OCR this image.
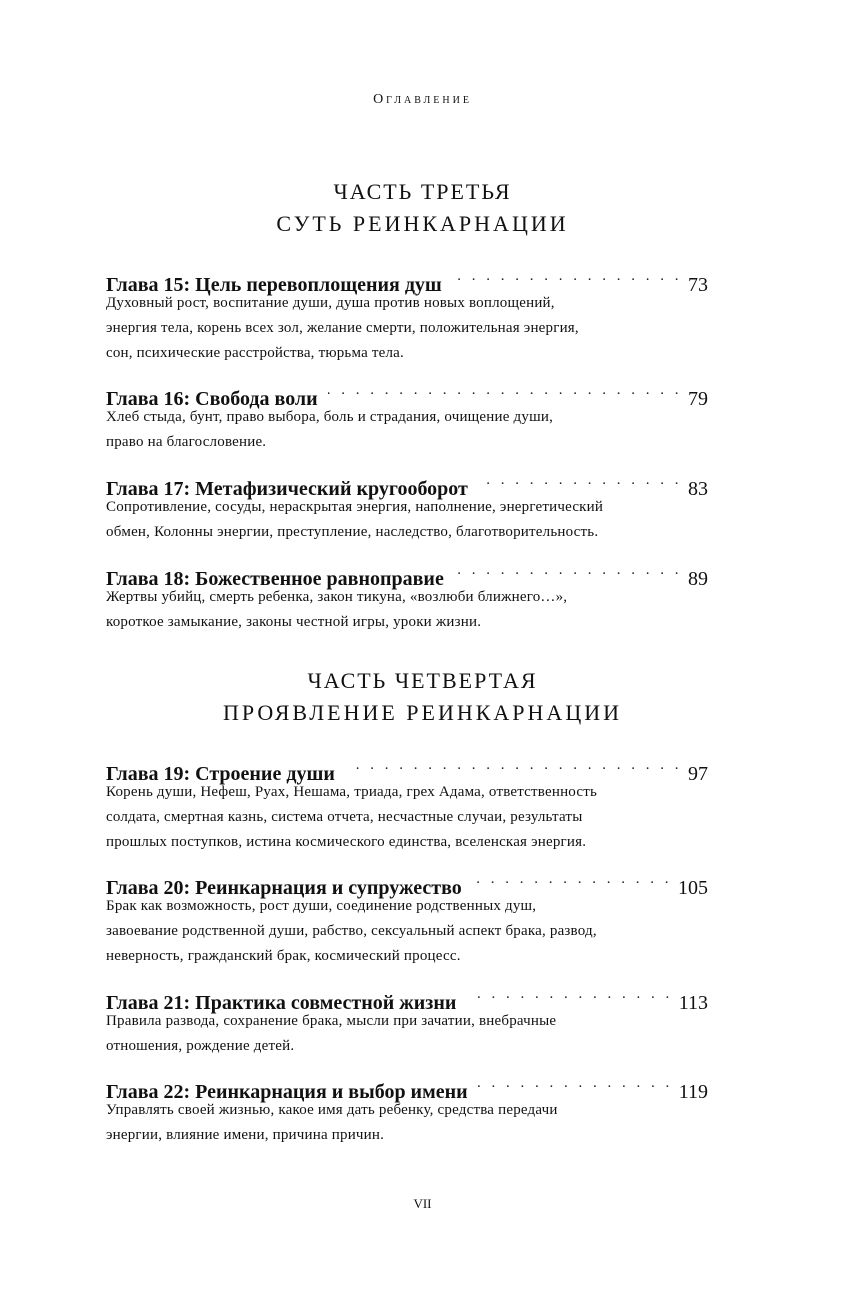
Оглавление
ЧАСТЬ ТРЕТЬЯ
СУТЬ РЕИНКАРНАЦИИ
Глава 15: Цель перевоплощения душ . . .	73
Духовный рост, воспитание души, душа против новых воплощений,
энергия тела, корень всех зол, желание смерти, положительная энергия,
сон, психические расстройства, тюрьма тела.
Глава 16: Свобода воли . . .	79
Хлеб стыда, бунт, право выбора, боль и страдания, очищение души,
право на благословение.
Глава 17: Метафизический кругооборот . . .	83
Сопротивление, сосуды, нераскрытая энергия, наполнение, энергетический
обмен, Колонны энергии, преступление, наследство, благотворительность.
Глава 18: Божественное равноправие . . .	89
Жертвы убийц, смерть ребенка, закон тикуна, «возлюби ближнего…»,
короткое замыкание, законы честной игры, уроки жизни.
ЧАСТЬ ЧЕТВЕРТАЯ
ПРОЯВЛЕНИЕ РЕИНКАРНАЦИИ
Глава 19: Строение души . . .	97
Корень души, Нефеш, Руах, Нешама, триада, грех Адама, ответственность
солдата, смертная казнь, система отчета, несчастные случаи, результаты
прошлых поступков, истина космического единства, вселенская энергия.
Глава 20: Реинкарнация и супружество . . .	105
Брак как возможность, рост души, соединение родственных душ,
завоевание родственной души, рабство, сексуальный аспект брака, развод,
неверность, гражданский брак, космический процесс.
Глава 21: Практика совместной жизни . . .	113
Правила развода, сохранение брака, мысли при зачатии, внебрачные
отношения, рождение детей.
Глава 22: Реинкарнация и выбор имени . . .	119
Управлять своей жизнью, какое имя дать ребенку, средства передачи
энергии, влияние имени, причина причин.
VII
